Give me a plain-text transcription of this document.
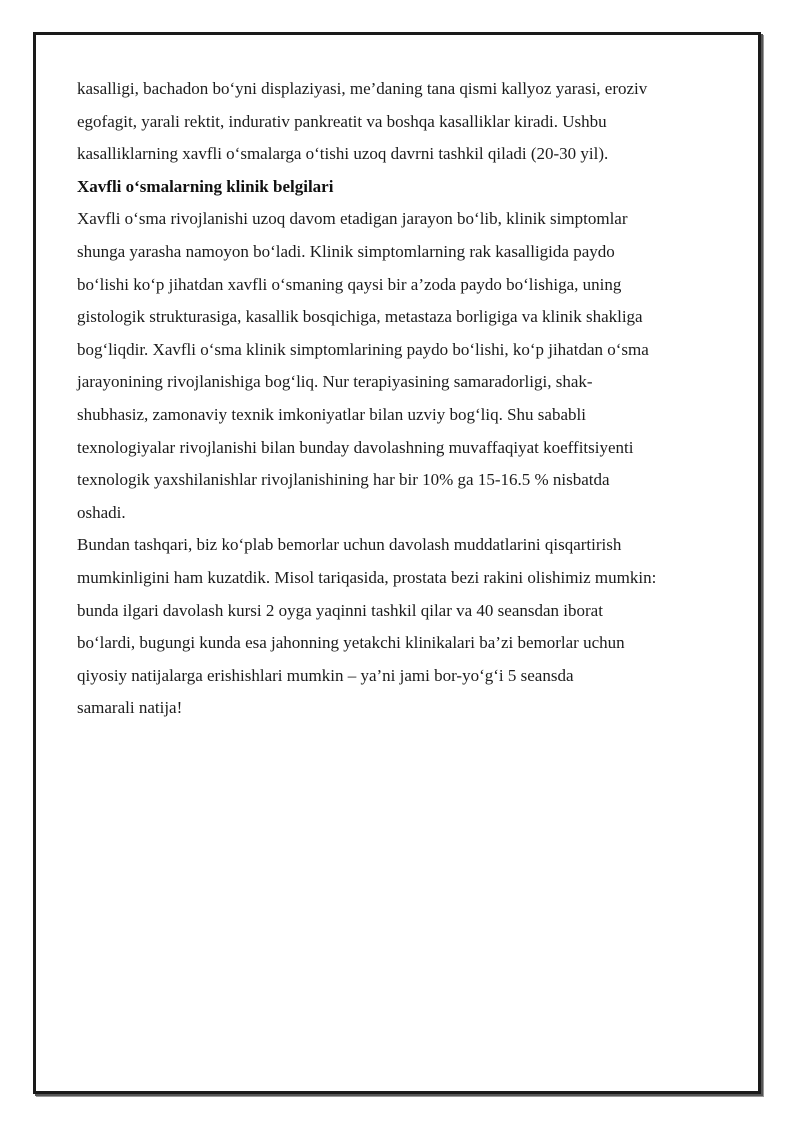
kasalligi, bachadon bo‘yni displaziyasi, me’daning tana qismi kallyoz yarasi, eroziv
egofagit, yarali rektit, indurativ pankreatit va boshqa kasalliklar kiradi. Ushbu
kasalliklarning xavfli o‘smalarga o‘tishi uzoq davrni tashkil qiladi (20-30 yil).
Xavfli o‘smalarning klinik belgilari
Xavfli o‘sma rivojlanishi uzoq davom etadigan jarayon bo‘lib, klinik simptomlar
shunga yarasha namoyon bo‘ladi. Klinik simptomlarning rak kasalligida paydo
bo‘lishi ko‘p jihatdan xavfli o‘smaning qaysi bir a’zoda paydo bo‘lishiga, uning
gistologik strukturasiga, kasallik bosqichiga, metastaza borligiga va klinik shakliga
bog‘liqdir. Xavfli o‘sma klinik simptomlarining paydo bo‘lishi, ko‘p jihatdan o‘sma
jarayonining rivojlanishiga bog‘liq. Nur terapiyasining samaradorligi, shak-
shubhasiz, zamonaviy texnik imkoniyatlar bilan uzviy bog‘liq. Shu sababli
texnologiyalar rivojlanishi bilan bunday davolashning muvaffaqiyat koeffitsiyenti
texnologik yaxshilanishlar rivojlanishining har bir 10% ga 15-16.5 % nisbatda
oshadi.
Bundan tashqari, biz ko‘plab bemorlar uchun davolash muddatlarini qisqartirish
mumkinligini ham kuzatdik. Misol tariqasida, prostata bezi rakini olishimiz mumkin:
bunda ilgari davolash kursi 2 oyga yaqinni tashkil qilar va 40 seansdan iborat
bo‘lardi, bugungi kunda esa jahonning yetakchi klinikalari ba’zi bemorlar uchun
qiyosiy natijalarga erishishlari mumkin – ya’ni jami bor-yo‘g‘i 5 seansda
samarali natija!
